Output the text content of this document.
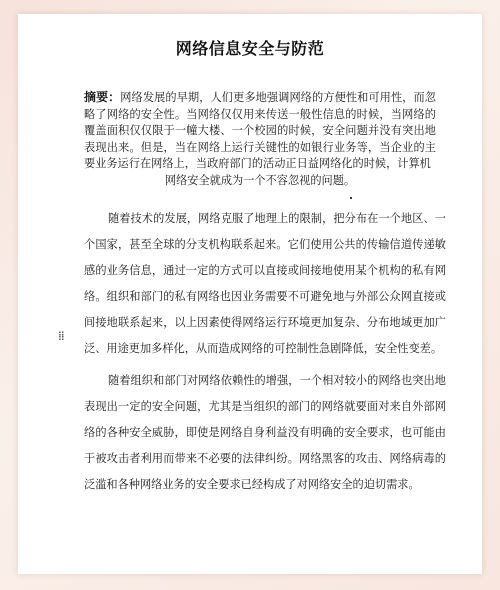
网络信息安全与防范
摘要：网络发展的早期，人们更多地强调网络的方便性和可用性，而忽略了网络的安全性。当网络仅仅用来传送一般性信息的时候，当网络的覆盖面积仅仅限于一幢大楼、一个校园的时候，安全问题并没有突出地表现出来。但是，当在网络上运行关键性的如银行业务等，当企业的主要业务运行在网络上，当政府部门的活动正日益网络化的时候，计算机
网络安全就成为一个不容忽视的问题。

随着技术的发展，网络克服了地理上的限制，把分布在一个地区、一个国家，甚至全球的分支机构联系起来。它们使用公共的传输信道传递敏感的业务信息，通过一定的方式可以直接或间接地使用某个机构的私有网络。组织和部门的私有网络也因业务需要不可避免地与外部公众网直接或间接地联系起来，以上因素使得网络运行环境更加复杂、分布地域更加广泛、用途更加多样化，从而造成网络的可控制性急剧降低，安全性变差。

随着组织和部门对网络依赖性的增强，一个相对较小的网络也突出地表现出一定的安全问题，尤其是当组织的部门的网络就要面对来自外部网络的各种安全威胁，即使是网络自身利益没有明确的安全要求，也可能由于被攻击者利用而带来不必要的法律纠纷。网络黑客的攻击、网络病毒的泛滥和各种网络业务的安全要求已经构成了对网络安全的迫切需求。

⁞⁞
